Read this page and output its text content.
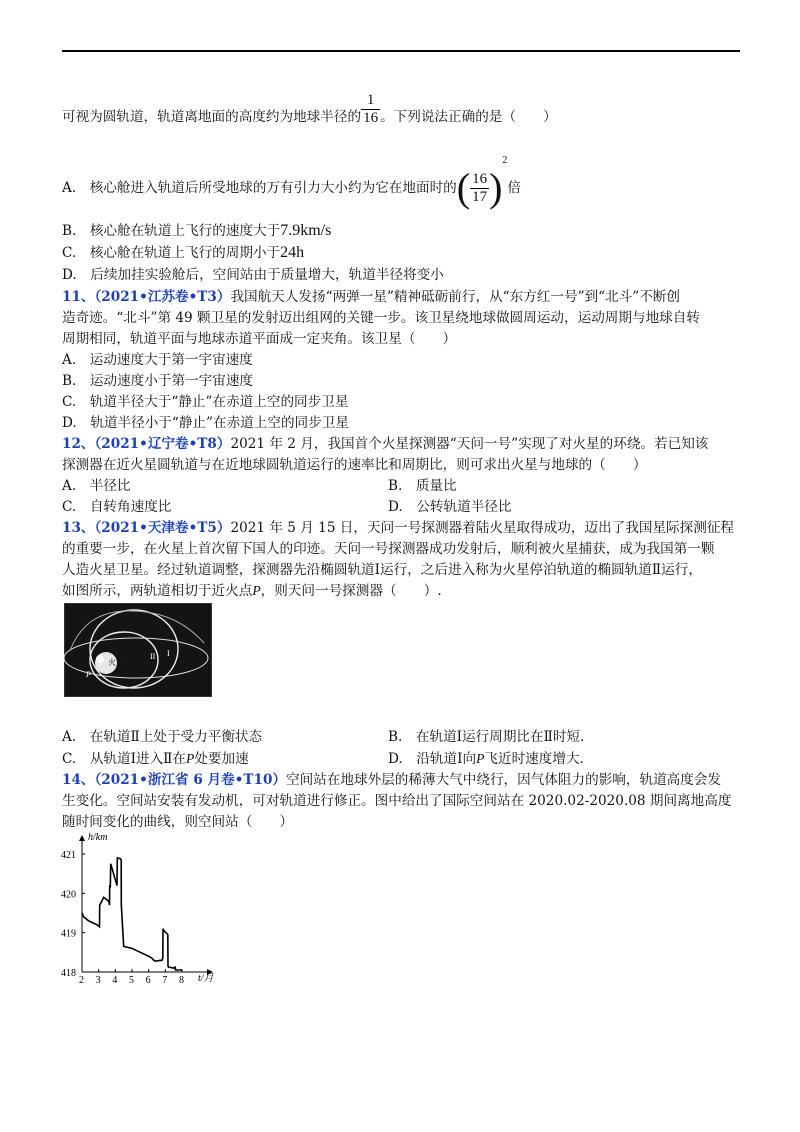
可视为圆轨道，轨道离地面的高度约为地球半径的 $\frac{1}{16}$ 。下列说法正确的是（　　）
A.　核心舱进入轨道后所受地球的万有引力大小约为它在地面时的( $\frac{16}{17} )^2$倍
B.　核心舱在轨道上飞行的速度大于7.9km/s
C.　核心舱在轨道上飞行的周期小于24h
D.　后续加挂实验舱后，空间站由于质量增大，轨道半径将变小
11、（2021•江苏卷•T3）我国航天人发扬“两弹一星”精神砥砺前行，从“东方红一号”到“北斗”不断创
造奇迹。“北斗”第 49 颗卫星的发射迈出组网的关键一步。该卫星绕地球做圆周运动，运动周期与地球自转
周期相同，轨道平面与地球赤道平面成一定夹角。该卫星（　　）
A.　运动速度大于第一宇宙速度
B.　运动速度小于第一宇宙速度
C.　轨道半径大于“静止”在赤道上空的同步卫星
D.　轨道半径小于“静止”在赤道上空的同步卫星
12、（2021•辽宁卷•T8）2021 年 2 月，我国首个火星探测器“天问一号”实现了对火星的环绕。若已知该
探测器在近火星圆轨道与在近地球圆轨道运行的速率比和周期比，则可求出火星与地球的（　　）
A.　半径比	B.　质量比
C.　自转角速度比	D.　公转轨道半径比
13、（2021•天津卷•T5）2021 年 5 月 15 日，天问一号探测器着陆火星取得成功，迈出了我国星际探测征程
的重要一步，在火星上首次留下国人的印迹。天问一号探测器成功发射后，顺利被火星捕获，成为我国第一颗
人造火星卫星。经过轨道调整，探测器先沿椭圆轨道Ⅰ运行，之后进入称为火星停泊轨道的椭圆轨道Ⅱ运行，
如图所示，两轨道相切于近火点P，则天问一号探测器（　　）.
火星
II I
P
A.　在轨道Ⅱ上处于受力平衡状态	B.　在轨道Ⅰ运行周期比在Ⅱ时短.
C.　从轨道Ⅰ进入Ⅱ在P处要加速	D.　沿轨道Ⅰ向P飞近时速度增大.
14、（2021•浙江省 6 月卷•T10）空间站在地球外层的稀薄大气中绕行，因气体阻力的影响，轨道高度会发
生变化。空间站安装有发动机，可对轨道进行修正。图中给出了国际空间站在 2020.02-2020.08 期间离地高度
随时间变化的曲线，则空间站（　　）
2 3 4 5 6 7 8
418
419
420
421
h/km
t/月
